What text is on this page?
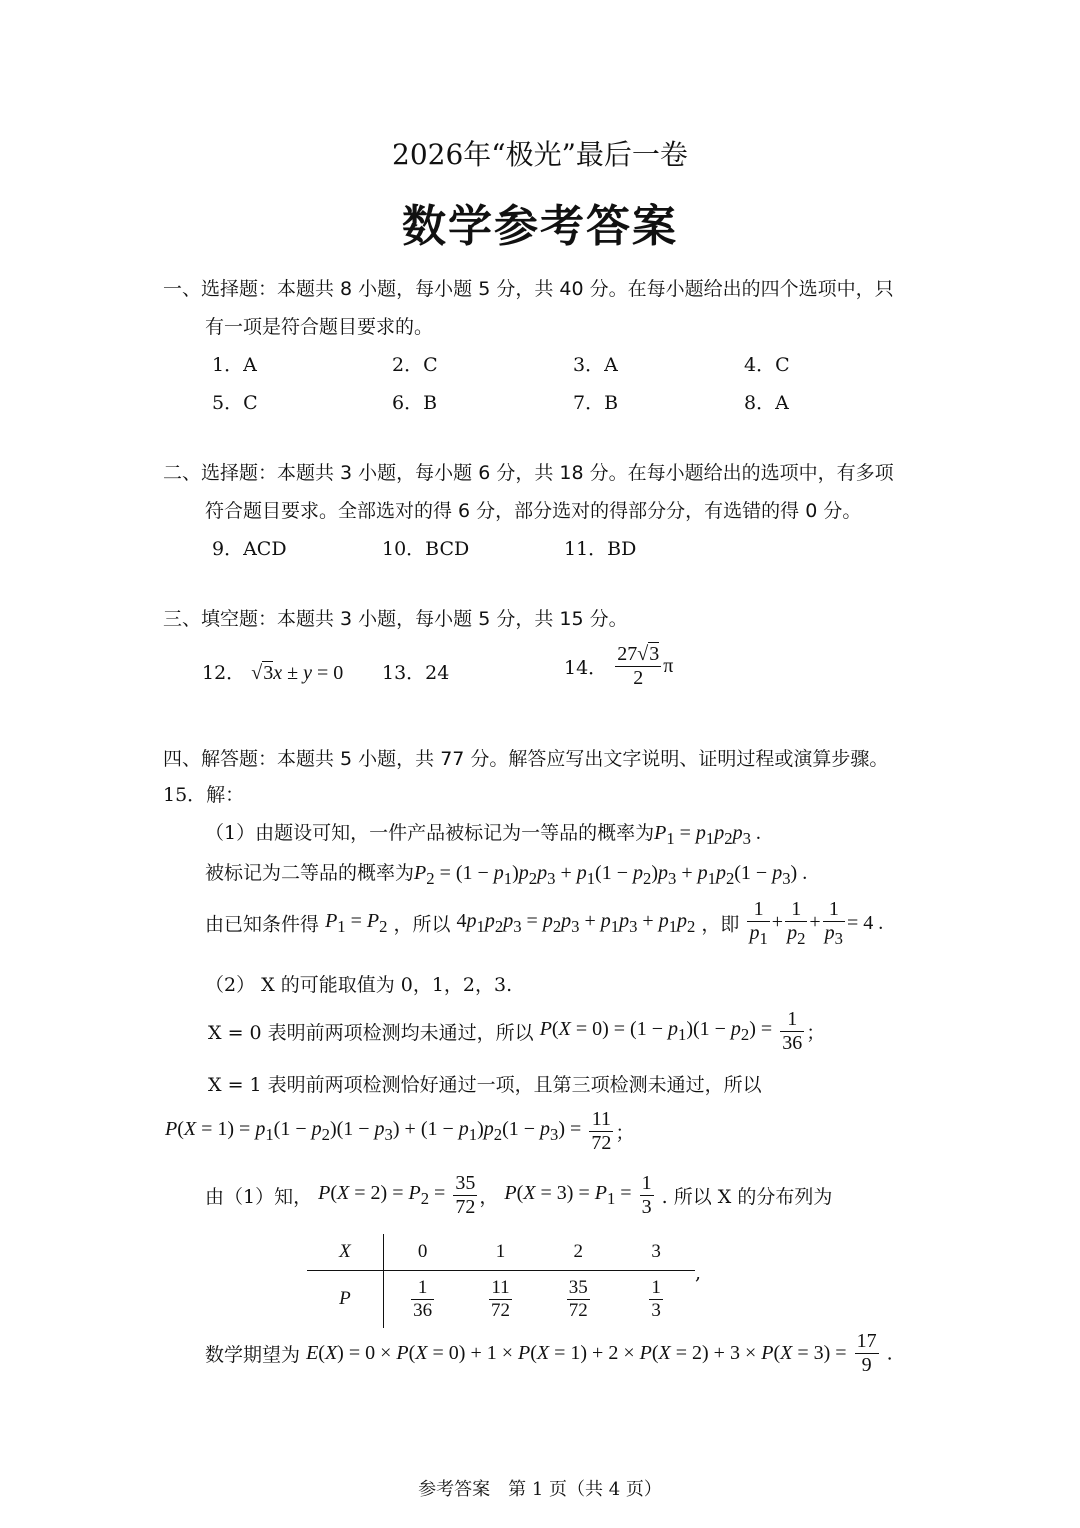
2026年“极光”最后一卷
数学参考答案
一、选择题：本题共 8 小题，每小题 5 分，共 40 分。在每小题给出的四个选项中，只
有一项是符合题目要求的。
1．A	2．C	3．A	4．C
5．C	6．B	7．B	8．A
二、选择题：本题共 3 小题，每小题 6 分，共 18 分。在每小题给出的选项中，有多项
符合题目要求。全部选对的得 6 分，部分选对的得部分分，有选错的得 0 分。
9．ACD	10．BCD	11．BD
三、填空题：本题共 3 小题，每小题 5 分，共 15 分。
12． √3x ± y = 0 13．24	14． $\frac{27√3}{2}$ π
四、解答题：本题共 5 小题，共 77 分。解答应写出文字说明、证明过程或演算步骤。
15．解：
（1）由题设可知，一件产品被标记为一等品的概率为$P_1 = p_1p_2p_3$ .
被标记为二等品的概率为$P_2 = (1 - p_1)p_2p_3 + p_1(1 - p_2)p_3 + p_1p_2(1 - p_3)$ .
由已知条件得 $P_1 = P_2$ ，所以 $4p_1p_2p_3 = p_2p_3 + p_1p_3 + p_1p_2$ ，即 $\frac{1}{p_1} + \frac{1}{p_2} + \frac{1}{p_3} = 4$ .
（2） X 的可能取值为 0，1，2，3.
X = 0 表明前两项检测均未通过，所以 $P(X = 0) = (1 - p_1)(1 - p_2) = \frac{1}{36}$ ；
X = 1 表明前两项检测恰好通过一项，且第三项检测未通过，所以
$P(X = 1) = p_1(1 - p_2)(1 - p_3) + (1 - p_1)p_2(1 - p_3) = \frac{11}{72}$ ；
由（1）知， $P(X = 2) = P_2 = \frac{35}{72}$ ， $P(X = 3) = P_1 = \frac{1}{3}$ . 所以 X 的分布列为
X	0	1	2	3
P	$\frac{1}{36}$	$\frac{11}{72}$	$\frac{35}{72}$	$\frac{1}{3}$
,
数学期望为 $E(X) = 0 \times P(X = 0) + 1 \times P(X = 1) + 2 \times P(X = 2) + 3 \times P(X = 3) = \frac{17}{9}$ .
参考答案　第 1 页（共 4 页）
